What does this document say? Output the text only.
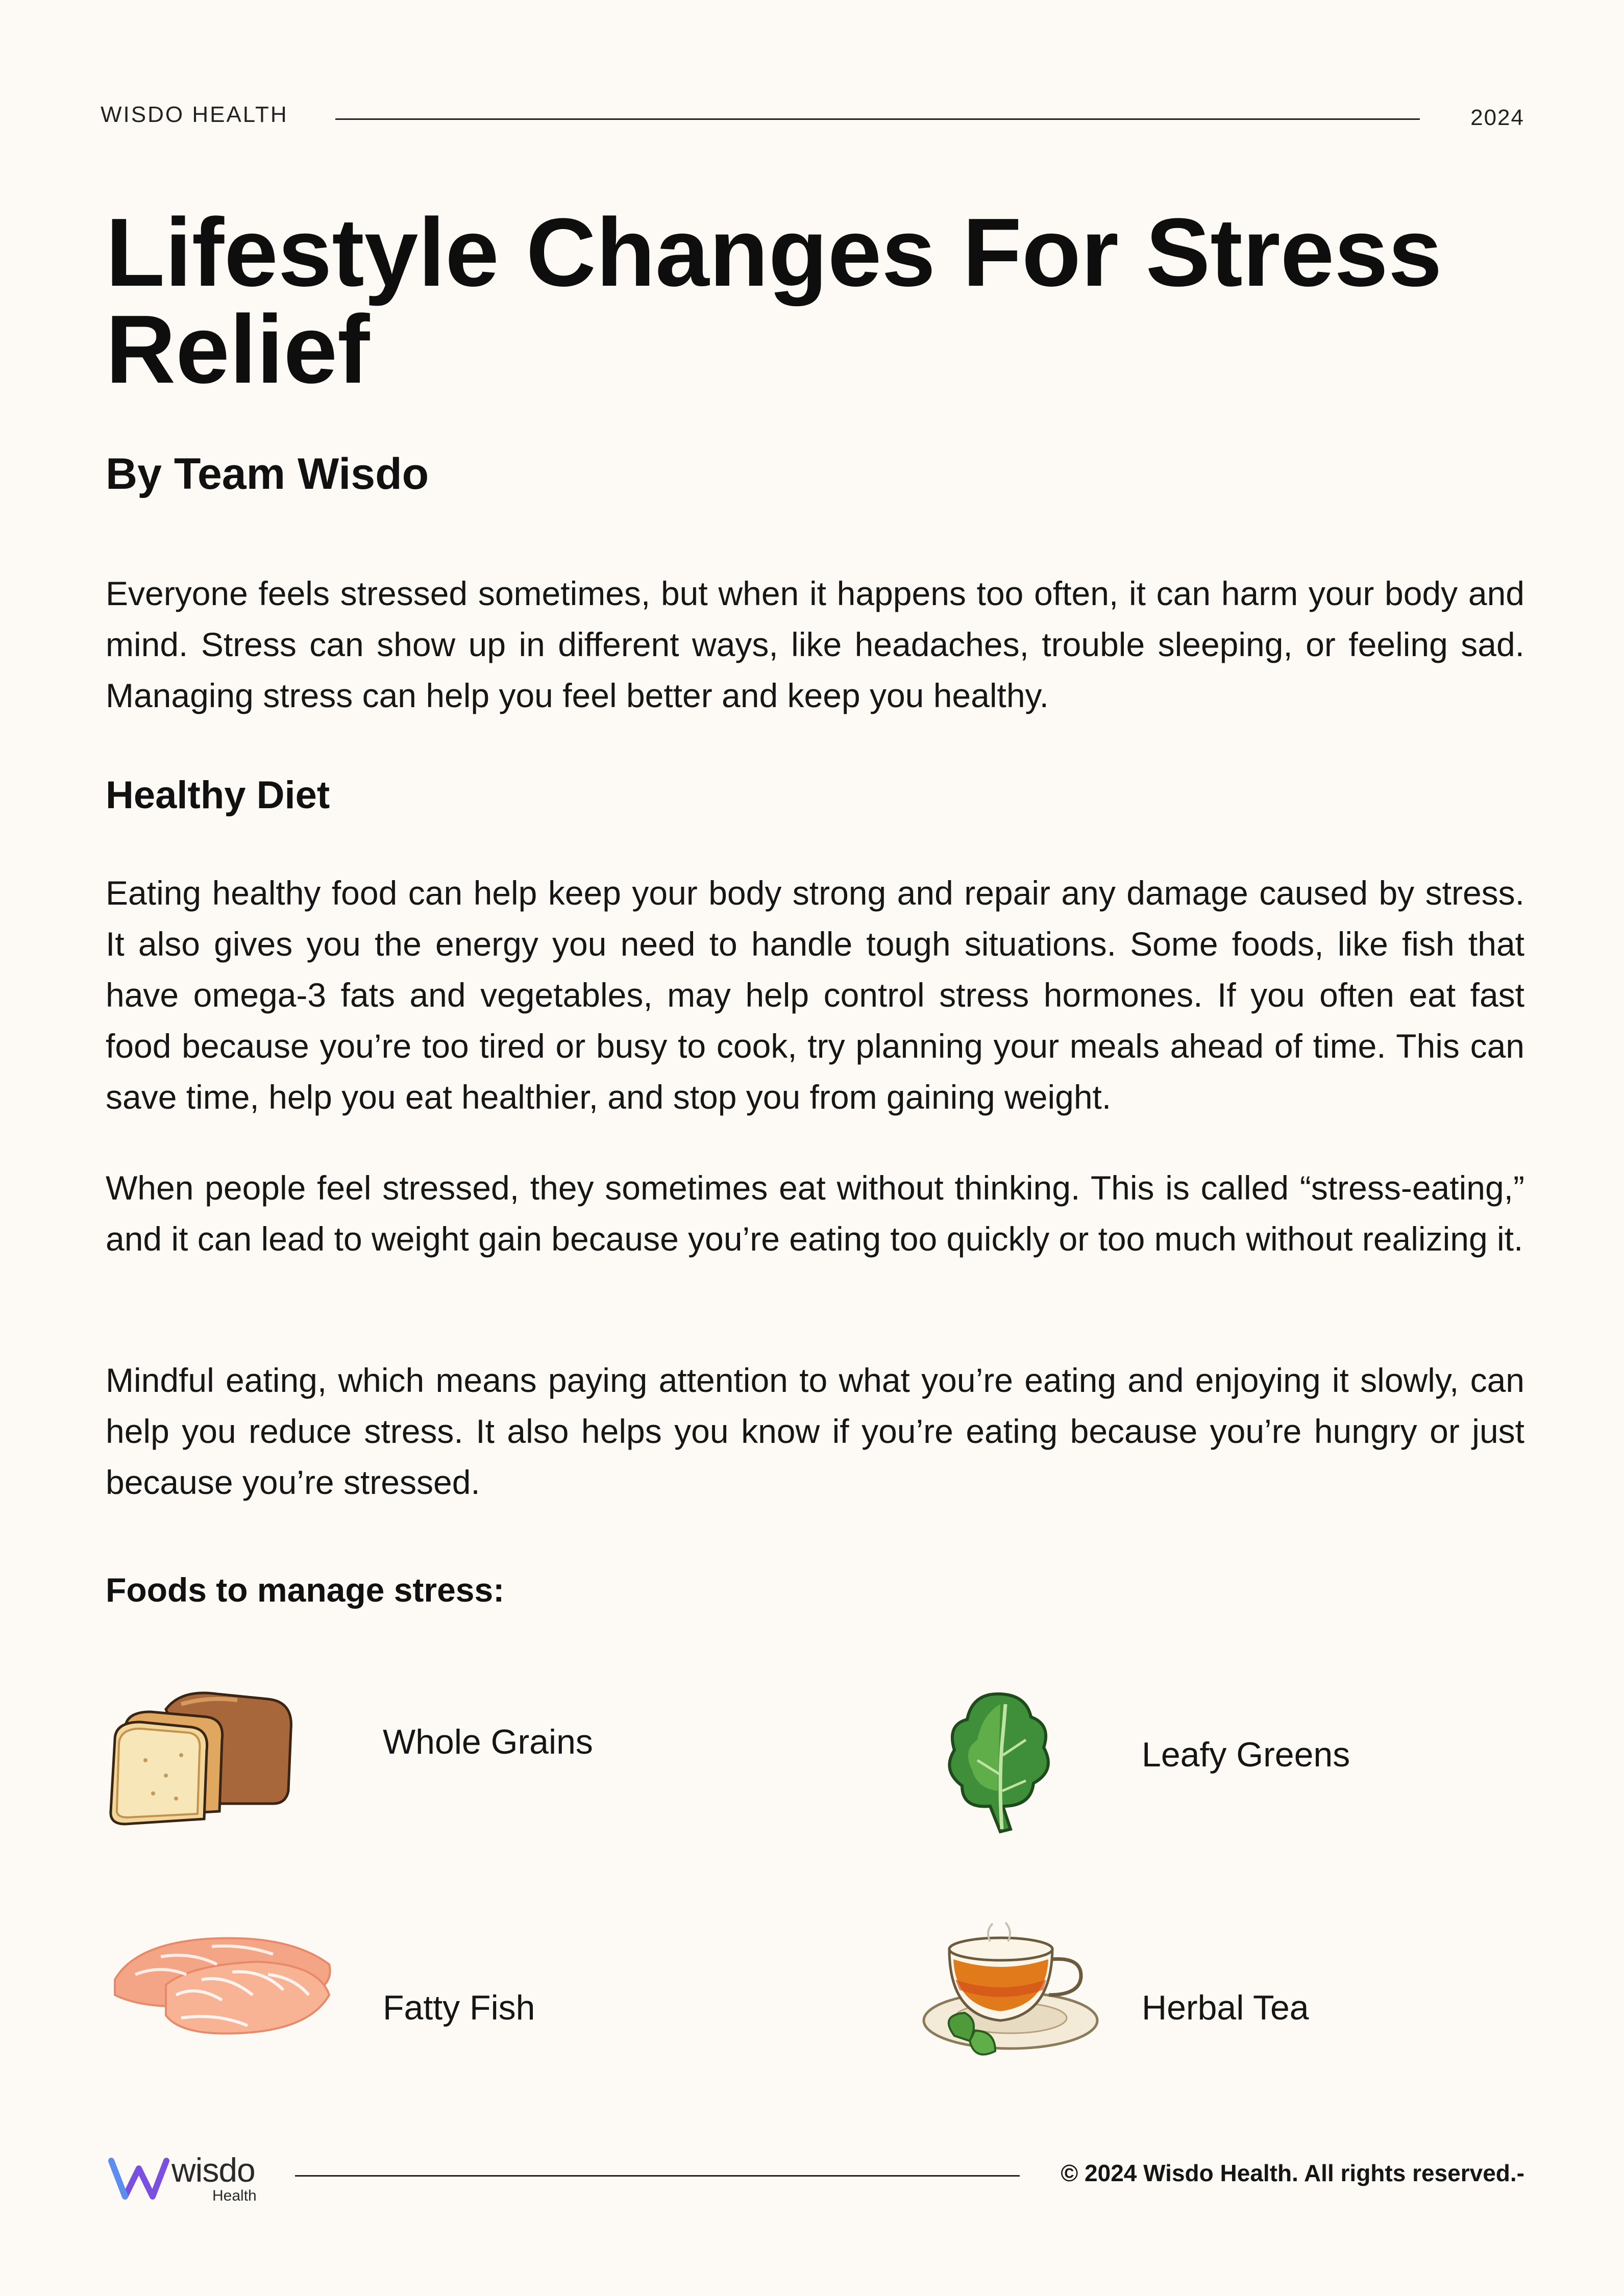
WISDO HEALTH	2024
Lifestyle Changes For Stress Relief
By Team Wisdo

Everyone feels stressed sometimes, but when it happens too often, it can harm your body and mind. Stress can show up in different ways, like headaches, trouble sleeping, or feeling sad. Managing stress can help you feel better and keep you healthy.

Healthy Diet

Eating healthy food can help keep your body strong and repair any damage caused by stress. It also gives you the energy you need to handle tough situations. Some foods, like fish that have omega-3 fats and vegetables, may help control stress hormones. If you often eat fast food because you’re too tired or busy to cook, try planning your meals ahead of time. This can save time, help you eat healthier, and stop you from gaining weight.

When people feel stressed, they sometimes eat without thinking. This is called “stress-eating,” and it can lead to weight gain because you’re eating too quickly or too much without realizing it.

Mindful eating, which means paying attention to what you’re eating and enjoying it slowly, can help you reduce stress. It also helps you know if you’re eating because you’re hungry or just because you’re stressed.

Foods to manage stress:
Whole Grains	Leafy Greens
Fatty Fish	Herbal Tea
wisdo
Health
© 2024 Wisdo Health. All rights reserved.-
